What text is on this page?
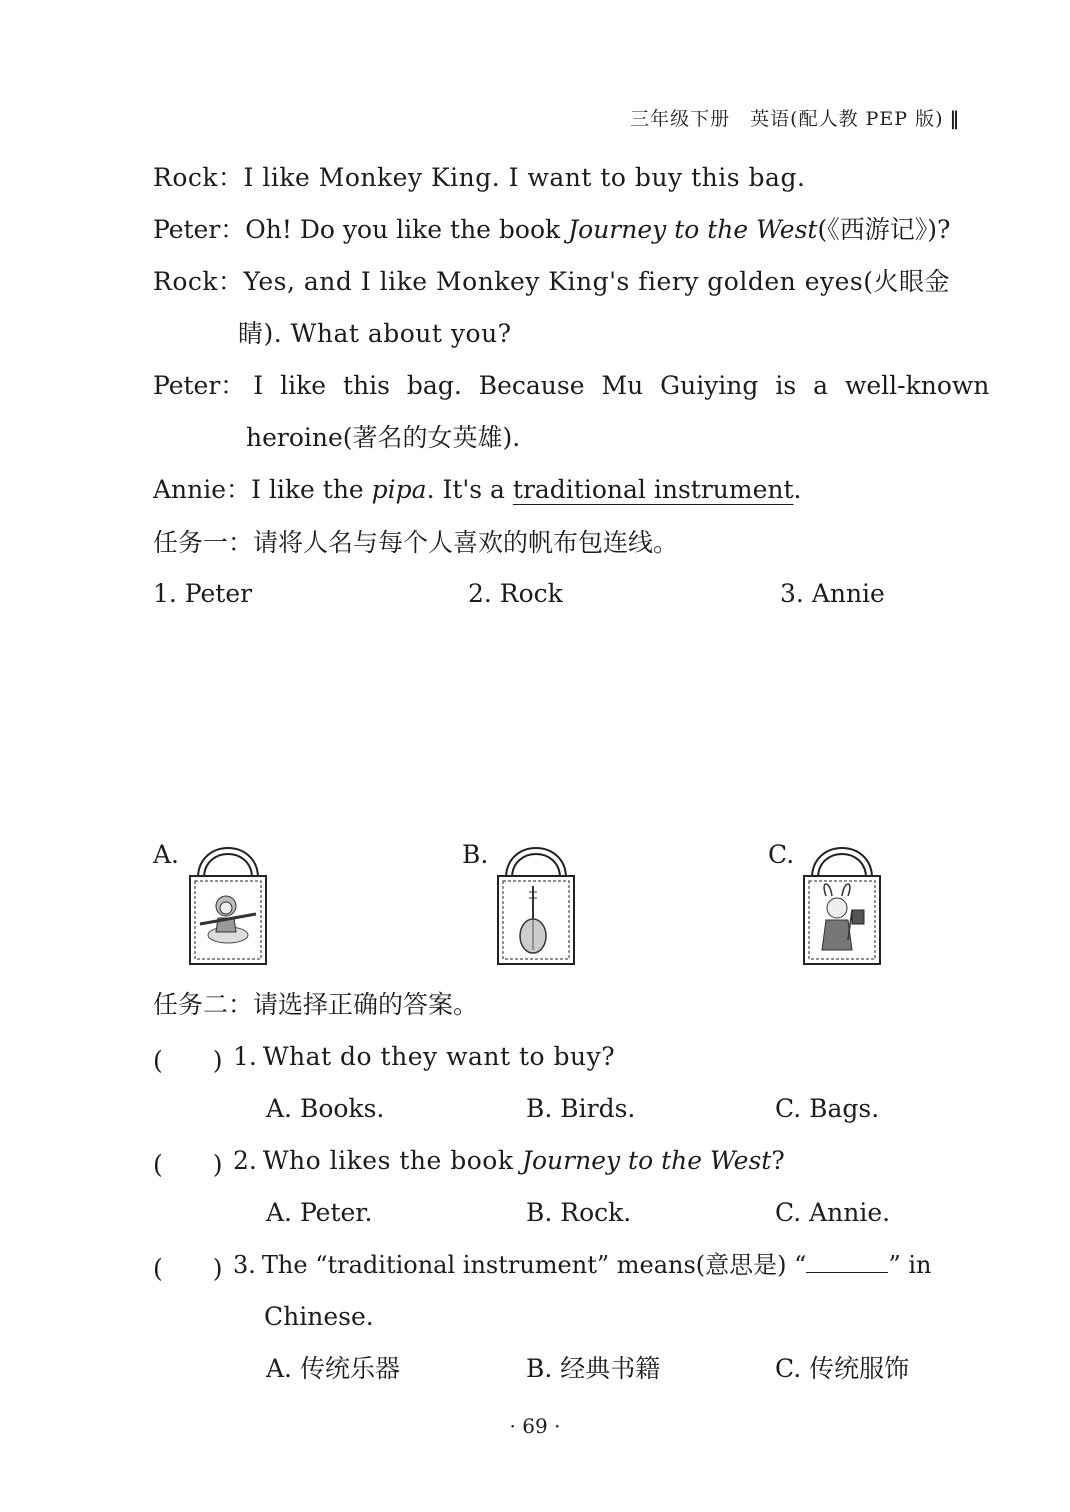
三年级下册　英语(配人教 PEP 版) ‖
Rock：I like Monkey King. I want to buy this bag.
Peter：Oh! Do you like the book Journey to the West(《西游记》)?
Rock：Yes, and I like Monkey King's fiery golden eyes(火眼金
睛). What about you?
Peter： I like this bag. Because Mu Guiying is a well-known
heroine(著名的女英雄).
Annie：I like the pipa. It's a traditional instrument.
任务一：请将人名与每个人喜欢的帆布包连线。
1. Peter	2. Rock	3. Annie
A.	B.	C.
任务二：请选择正确的答案。
(　　) 1. What do they want to buy?
A. Books.	B. Birds.	C. Bags.
(　　) 2. Who likes the book Journey to the West?
A. Peter.	B. Rock.	C. Annie.
(　　) 3. The “traditional instrument” means(意思是) “	” in
Chinese.
A. 传统乐器	B. 经典书籍	C. 传统服饰
· 69 ·
